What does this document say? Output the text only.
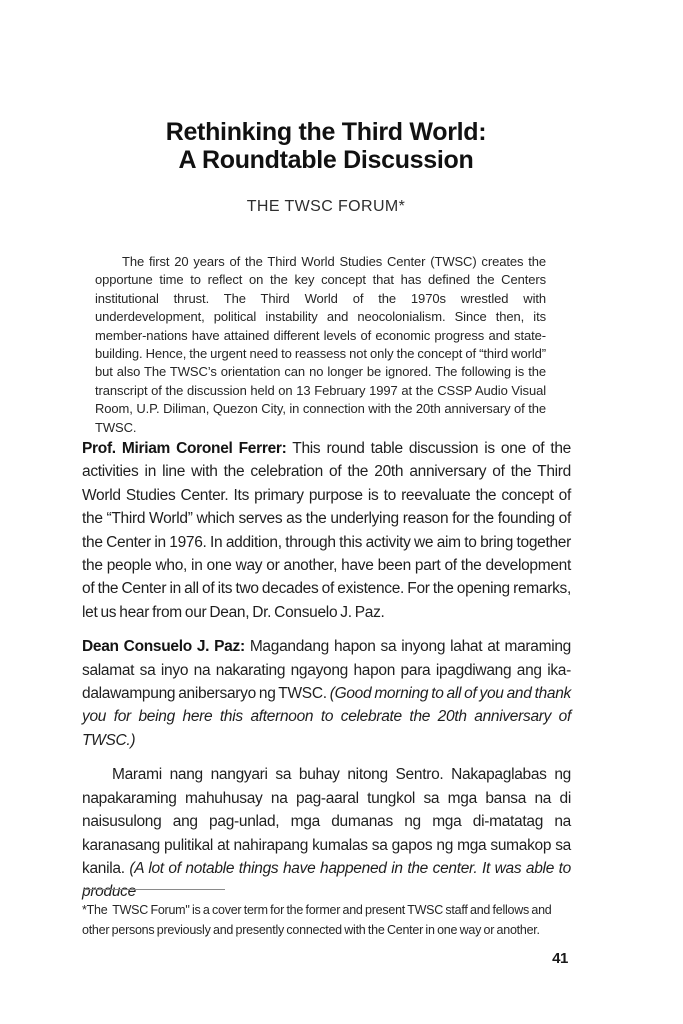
Rethinking the Third World:
A Roundtable Discussion
THE TWSC FORUM*
The first 20 years of the Third World Studies Center (TWSC) creates the opportune time to reflect on the key concept that has defined the Centers institutional thrust. The Third World of the 1970s wrestled with underdevelopment, political instability and neocolonialism. Since then, its member-nations have attained different levels of economic progress and state-building. Hence, the urgent need to reassess not only the concept of “third world” but also The TWSC’s orientation can no longer be ignored. The following is the transcript of the discussion held on 13 February 1997 at the CSSP Audio Visual Room, U.P. Diliman, Quezon City, in connection with the 20th anniversary of the TWSC.

Prof. Miriam Coronel Ferrer: This round table discussion is one of the activities in line with the celebration of the 20th anniversary of the Third World Studies Center. Its primary purpose is to reevaluate the concept of the “Third World” which serves as the underlying reason for the founding of the Center in 1976. In addition, through this activity we aim to bring together the people who, in one way or another, have been part of the development of the Center in all of its two decades of existence. For the opening remarks, let us hear from our Dean, Dr. Consuelo J. Paz.

Dean Consuelo J. Paz: Magandang hapon sa inyong lahat at maraming salamat sa inyo na nakarating ngayong hapon para ipagdiwang ang ika-dalawampung anibersaryo ng TWSC. (Good morning to all of you and thank you for being here this afternoon to celebrate the 20th anniversary of TWSC.)

Marami nang nangyari sa buhay nitong Sentro. Nakapaglabas ng napakaraming mahuhusay na pag-aaral tungkol sa mga bansa na di naisusulong ang pag-unlad, mga dumanas ng mga di-matatag na karanasang pulitikal at nahirapang kumalas sa gapos ng mga sumakop sa kanila. (A lot of notable things have happened in the center. It was able to produce

*The  TWSC Forum" is a cover term for the former and present TWSC staff and fellows and other persons previously and presently connected with the Center in one way or another.
41
